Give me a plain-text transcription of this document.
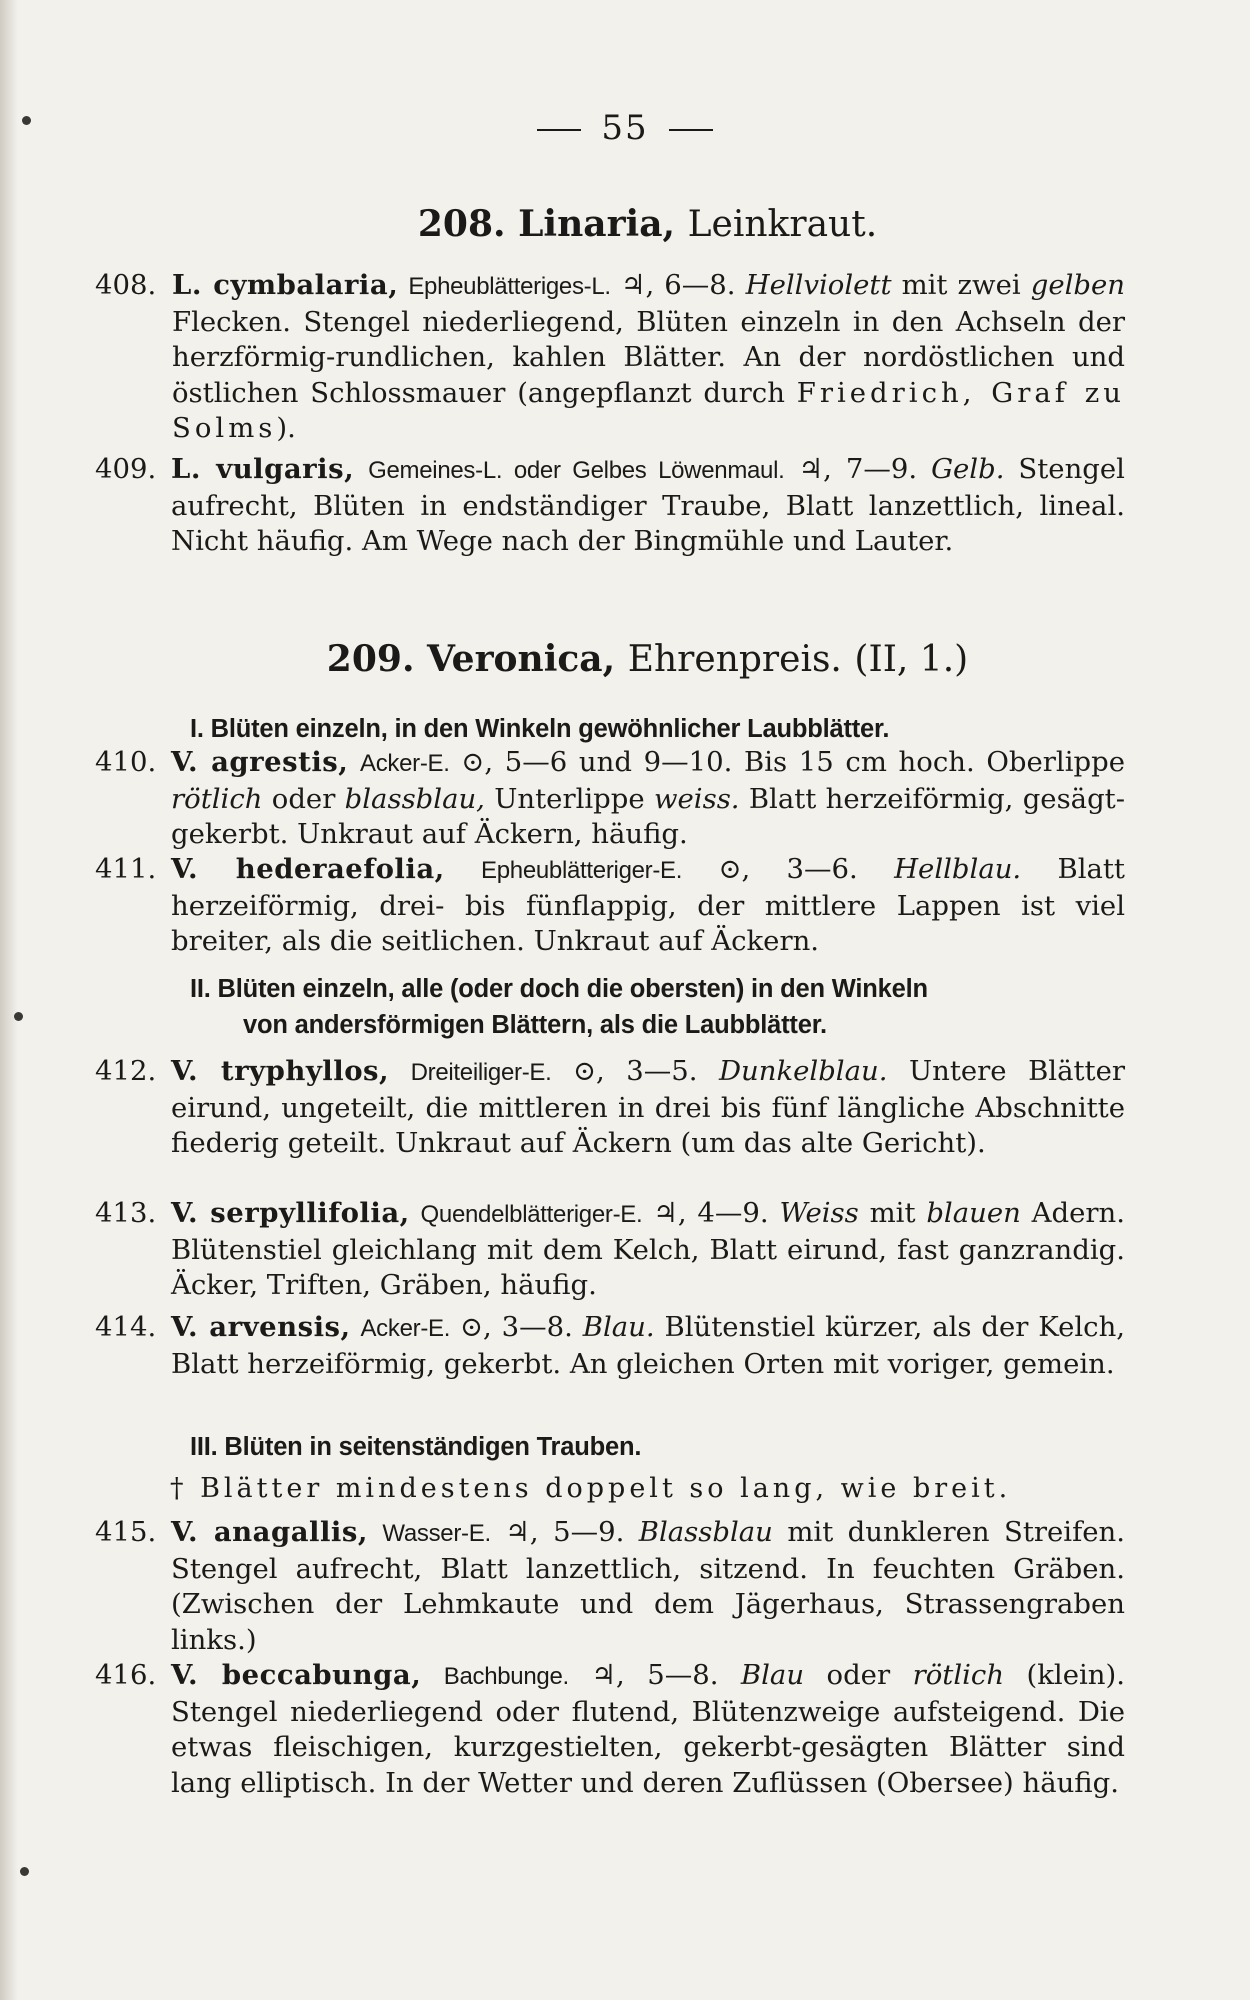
55
208. Linaria, Leinkraut.
408. L. cymbalaria, Epheublätteriges-L. ♃, 6—8. Hellviolett mit zwei gelben Flecken. Stengel niederliegend, Blüten einzeln in den Achseln der herzförmig-rundlichen, kahlen Blätter. An der nordöstlichen und östlichen Schlossmauer (angepflanzt durch Friedrich, Graf zu Solms).
409. L. vulgaris, Gemeines-L. oder Gelbes Löwenmaul. ♃, 7—9. Gelb. Stengel aufrecht, Blüten in endständiger Traube, Blatt lanzettlich, lineal. Nicht häufig. Am Wege nach der Bingmühle und Lauter.
209. Veronica, Ehrenpreis. (II, 1.)
I. Blüten einzeln, in den Winkeln gewöhnlicher Laubblätter.
410. V. agrestis, Acker-E. ⊙, 5—6 und 9—10. Bis 15 cm hoch. Oberlippe rötlich oder blassblau, Unterlippe weiss. Blatt herzeiförmig, gesägt-gekerbt. Unkraut auf Äckern, häufig.
411. V. hederaefolia, Epheublätteriger-E. ⊙, 3—6. Hellblau. Blatt herzeiförmig, drei- bis fünflappig, der mittlere Lappen ist viel breiter, als die seitlichen. Unkraut auf Äckern.
II. Blüten einzeln, alle (oder doch die obersten) in den Winkeln
von andersförmigen Blättern, als die Laubblätter.
412. V. tryphyllos, Dreiteiliger-E. ⊙, 3—5. Dunkelblau. Untere Blätter eirund, ungeteilt, die mittleren in drei bis fünf längliche Abschnitte fiederig geteilt. Unkraut auf Äckern (um das alte Gericht).
413. V. serpyllifolia, Quendelblätteriger-E. ♃, 4—9. Weiss mit blauen Adern. Blütenstiel gleichlang mit dem Kelch, Blatt eirund, fast ganzrandig. Äcker, Triften, Gräben, häufig.
414. V. arvensis, Acker-E. ⊙, 3—8. Blau. Blütenstiel kürzer, als der Kelch, Blatt herzeiförmig, gekerbt. An gleichen Orten mit voriger, gemein.
III. Blüten in seitenständigen Trauben.
† Blätter mindestens doppelt so lang, wie breit.
415. V. anagallis, Wasser-E. ♃, 5—9. Blassblau mit dunkleren Streifen. Stengel aufrecht, Blatt lanzettlich, sitzend. In feuchten Gräben. (Zwischen der Lehmkaute und dem Jägerhaus, Strassengraben links.)
416. V. beccabunga, Bachbunge. ♃, 5—8. Blau oder rötlich (klein). Stengel niederliegend oder flutend, Blütenzweige aufsteigend. Die etwas fleischigen, kurzgestielten, gekerbt-gesägten Blätter sind lang elliptisch. In der Wetter und deren Zuflüssen (Obersee) häufig.
